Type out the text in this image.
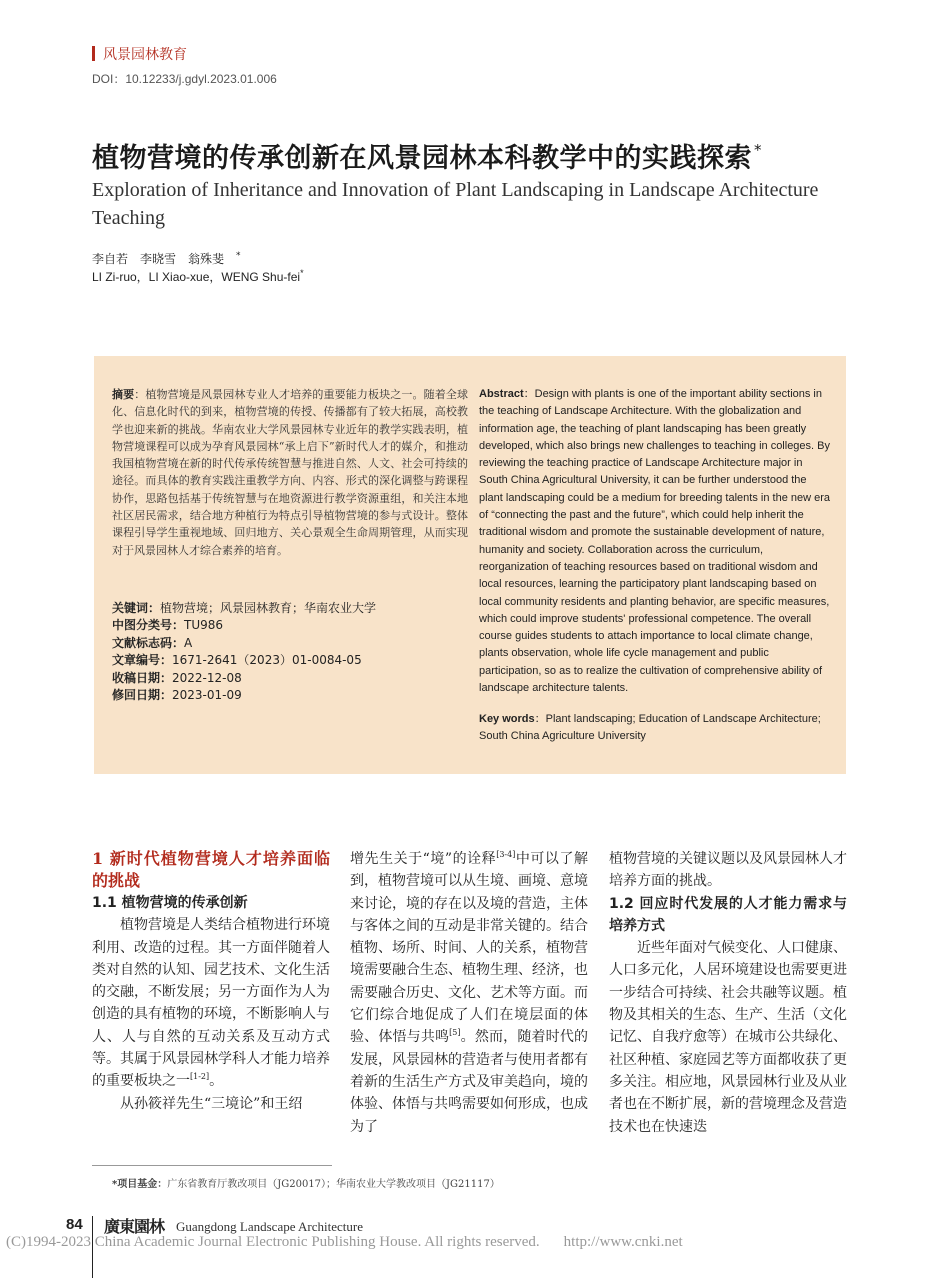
风景园林教育
DOI：10.12233/j.gdyl.2023.01.006
植物营境的传承创新在风景园林本科教学中的实践探索 *
Exploration of Inheritance and Innovation of Plant Landscaping in Landscape Architecture Teaching
李自若 李晓雪 翁殊斐 *
LI Zi-ruo，LI Xiao-xue，WENG Shu-fei*
摘要：植物营境是风景园林专业人才培养的重要能力板块之一。随着全球化、信息化时代的到来，植物营境的传授、传播都有了较大拓展，高校教学也迎来新的挑战。华南农业大学风景园林专业近年的教学实践表明，植物营境课程可以成为孕育风景园林“承上启下”新时代人才的媒介，和推动我国植物营境在新的时代传承传统智慧与推进自然、人文、社会可持续的途径。而具体的教育实践注重教学方向、内容、形式的深化调整与跨课程协作，思路包括基于传统智慧与在地资源进行教学资源重组，和关注本地社区居民需求，结合地方种植行为特点引导植物营境的参与式设计。整体课程引导学生重视地域、回归地方、关心景观全生命周期管理，从而实现对于风景园林人才综合素养的培育。
关键词：植物营境；风景园林教育；华南农业大学
中图分类号：TU986
文献标志码：A
文章编号：1671-2641（2023）01-0084-05
收稿日期：2022-12-08
修回日期：2023-01-09
Abstract：Design with plants is one of the important ability sections in the teaching of Landscape Architecture. With the globalization and information age, the teaching of plant landscaping has been greatly developed, which also brings new challenges to teaching in colleges. By reviewing the teaching practice of Landscape Architecture major in South China Agricultural University, it can be further understood the plant landscaping could be a medium for breeding talents in the new era of “connecting the past and the future”, which could help inherit the traditional wisdom and promote the sustainable development of nature, humanity and society. Collaboration across the curriculum, reorganization of teaching resources based on traditional wisdom and local resources, learning the participatory plant landscaping based on local community residents and planting behavior, are specific measures, which could improve students' professional competence. The overall course guides students to attach importance to local climate change, plants observation, whole life cycle management and public participation, so as to realize the cultivation of comprehensive ability of landscape architecture talents.
Key words：Plant landscaping; Education of Landscape Architecture; South China Agriculture University

1 新时代植物营境人才培养面临的挑战

1.1 植物营境的传承创新

植物营境是人类结合植物进行环境利用、改造的过程。其一方面伴随着人类对自然的认知、园艺技术、文化生活的交融，不断发展；另一方面作为人为创造的具有植物的环境，不断影响人与人、人与自然的互动关系及互动方式等。其属于风景园林学科人才能力培养的重要板块之一[1-2]。

从孙筱祥先生“三境论”和王绍

增先生关于“境”的诠释[3-4]中可以了解到，植物营境可以从生境、画境、意境来讨论，境的存在以及境的营造，主体与客体之间的互动是非常关键的。结合植物、场所、时间、人的关系，植物营境需要融合生态、植物生理、经济，也需要融合历史、文化、艺术等方面。而它们综合地促成了人们在境层面的体验、体悟与共鸣[5]。然而，随着时代的发展，风景园林的营造者与使用者都有着新的生活生产方式及审美趋向，境的体验、体悟与共鸣需要如何形成，也成为了

植物营境的关键议题以及风景园林人才培养方面的挑战。

1.2 回应时代发展的人才能力需求与培养方式

近些年面对气候变化、人口健康、人口多元化，人居环境建设也需要更进一步结合可持续、社会共融等议题。植物及其相关的生态、生产、生活（文化记忆、自我疗愈等）在城市公共绿化、社区种植、家庭园艺等方面都收获了更多关注。相应地，风景园林行业及从业者也在不断扩展，新的营境理念及营造技术也在快速迭

*项目基金：广东省教育厅教改项目（JG20017）；华南农业大学教改项目（JG21117）
84 廣東園林 Guangdong Landscape Architecture
(C)1994-2023 China Academic Journal Electronic Publishing House. All rights reserved. http://www.cnki.net
